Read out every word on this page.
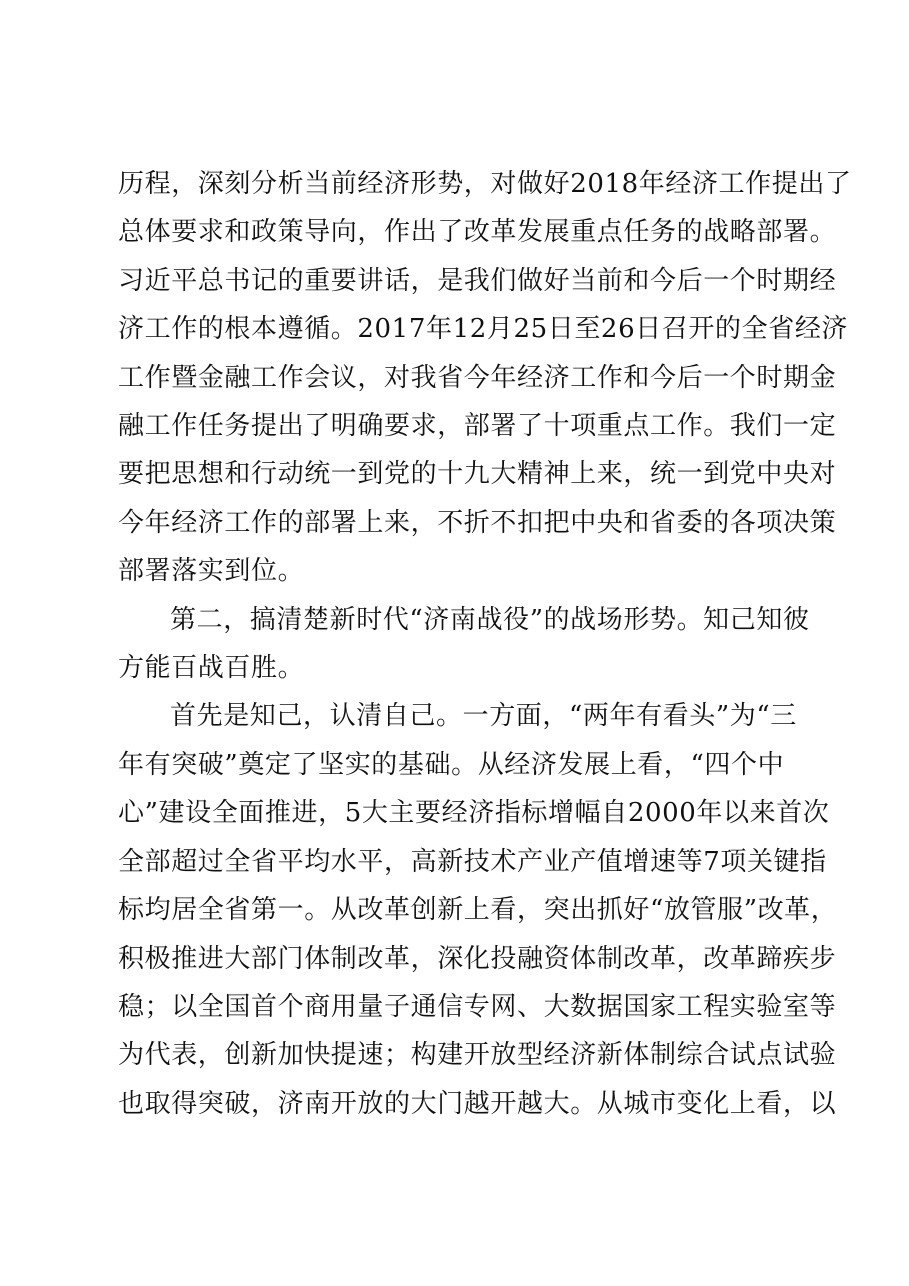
历程，深刻分析当前经济形势，对做好2018年经济工作提出了
总体要求和政策导向，作出了改革发展重点任务的战略部署。
习近平总书记的重要讲话，是我们做好当前和今后一个时期经
济工作的根本遵循。2017年12月25日至26日召开的全省经济
工作暨金融工作会议，对我省今年经济工作和今后一个时期金
融工作任务提出了明确要求，部署了十项重点工作。我们一定
要把思想和行动统一到党的十九大精神上来，统一到党中央对
今年经济工作的部署上来，不折不扣把中央和省委的各项决策
部署落实到位。

第二，搞清楚新时代“济南战役”的战场形势。知己知彼
方能百战百胜。

首先是知己，认清自己。一方面，“两年有看头”为“三
年有突破”奠定了坚实的基础。从经济发展上看，“四个中
心”建设全面推进，5大主要经济指标增幅自2000年以来首次
全部超过全省平均水平，高新技术产业产值增速等7项关键指
标均居全省第一。从改革创新上看，突出抓好“放管服”改革，
积极推进大部门体制改革，深化投融资体制改革，改革蹄疾步
稳；以全国首个商用量子通信专网、大数据国家工程实验室等
为代表，创新加快提速；构建开放型经济新体制综合试点试验
也取得突破，济南开放的大门越开越大。从城市变化上看，以
